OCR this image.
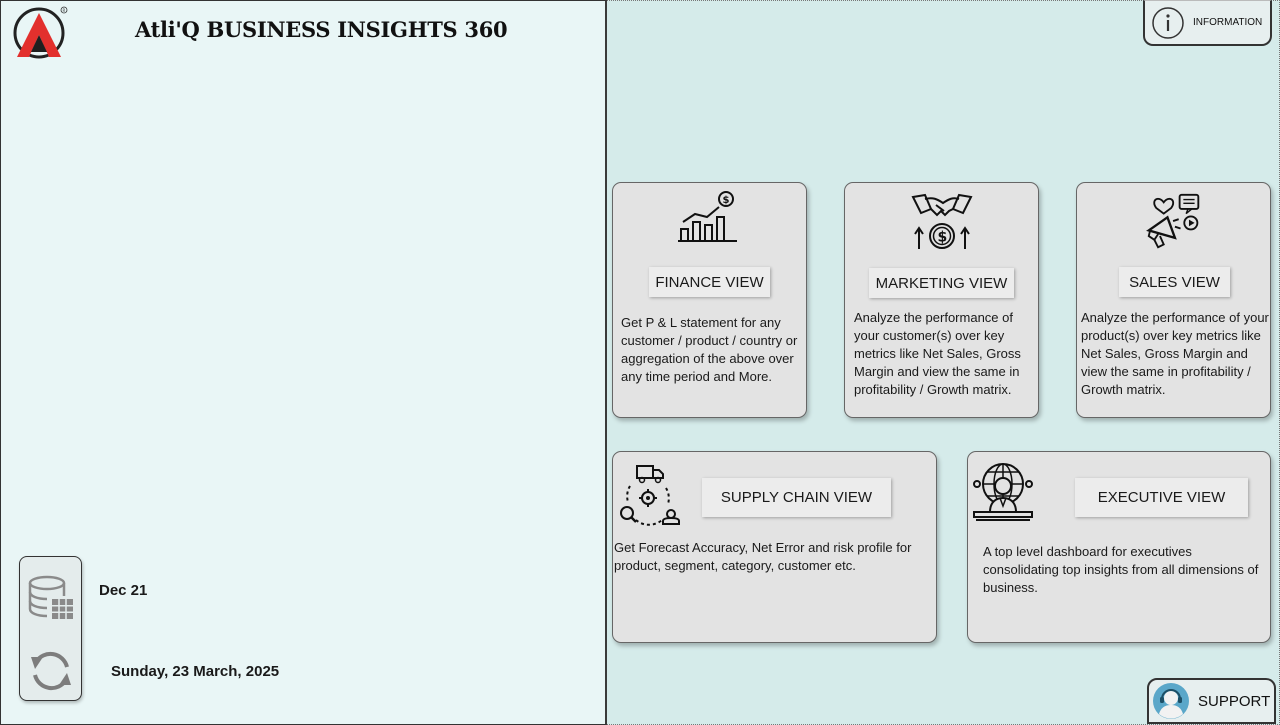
R
Atli'Q BUSINESS INSIGHTS 360
Dec 21
Sunday, 23 March, 2025
INFORMATION
$
FINANCE VIEW
Get P & L statement for any customer / product / country or aggregation of the above over any time period and More.
$
MARKETING VIEW
Analyze the performance of your customer(s) over key metrics like Net Sales, Gross Margin and view the same in profitability / Growth matrix.
SALES VIEW
Analyze the performance of your product(s) over key metrics like Net Sales, Gross Margin and view the same in profitability / Growth matrix.
SUPPLY CHAIN VIEW
Get Forecast Accuracy, Net Error and risk profile for product, segment, category, customer etc.
EXECUTIVE VIEW
A top level dashboard for executives consolidating top insights from all dimensions of business.
SUPPORT
